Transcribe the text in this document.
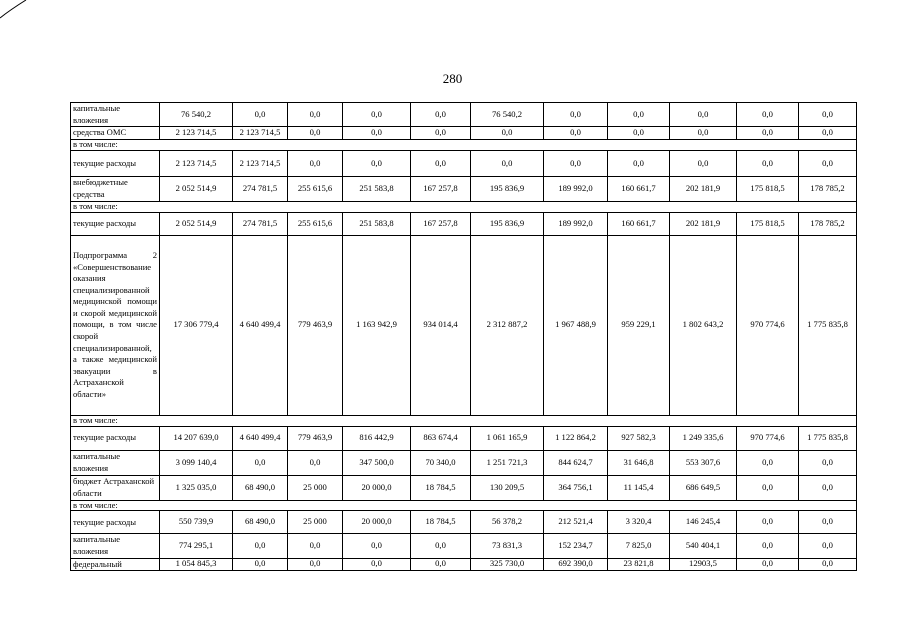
280
капитальные вложения	76 540,2	0,0	0,0	0,0	0,0	76 540,2	0,0	0,0	0,0	0,0	0,0
средства ОМС	2 123 714,5	2 123 714,5	0,0	0,0	0,0	0,0	0,0	0,0	0,0	0,0	0,0
в том числе:											
текущие расходы	2 123 714,5	2 123 714,5	0,0	0,0	0,0	0,0	0,0	0,0	0,0	0,0	0,0
внебюджетные средства	2 052 514,9	274 781,5	255 615,6	251 583,8	167 257,8	195 836,9	189 992,0	160 661,7	202 181,9	175 818,5	178 785,2
в том числе:											
текущие расходы	2 052 514,9	274 781,5	255 615,6	251 583,8	167 257,8	195 836,9	189 992,0	160 661,7	202 181,9	175 818,5	178 785,2
Подпрограмма 2 «Совершенствование оказания специализированной медицинской помощи и скорой медицинской помощи, в том числе скорой специализированной, а также медицинской эвакуации в Астраханской области»	17 306 779,4	4 640 499,4	779 463,9	1 163 942,9	934 014,4	2 312 887,2	1 967 488,9	959 229,1	1 802 643,2	970 774,6	1 775 835,8
в том числе:											
текущие расходы	14 207 639,0	4 640 499,4	779 463,9	816 442,9	863 674,4	1 061 165,9	1 122 864,2	927 582,3	1 249 335,6	970 774,6	1 775 835,8
капитальные вложения	3 099 140,4	0,0	0,0	347 500,0	70 340,0	1 251 721,3	844 624,7	31 646,8	553 307,6	0,0	0,0
бюджет Астраханской области	1 325 035,0	68 490,0	25 000	20 000,0	18 784,5	130 209,5	364 756,1	11 145,4	686 649,5	0,0	0,0
в том числе:											
текущие расходы	550 739,9	68 490,0	25 000	20 000,0	18 784,5	56 378,2	212 521,4	3 320,4	146 245,4	0,0	0,0
капитальные вложения	774 295,1	0,0	0,0	0,0	0,0	73 831,3	152 234,7	7 825,0	540 404,1	0,0	0,0
федеральный	1 054 845,3	0,0	0,0	0,0	0,0	325 730,0	692 390,0	23 821,8	12903,5	0,0	0,0
